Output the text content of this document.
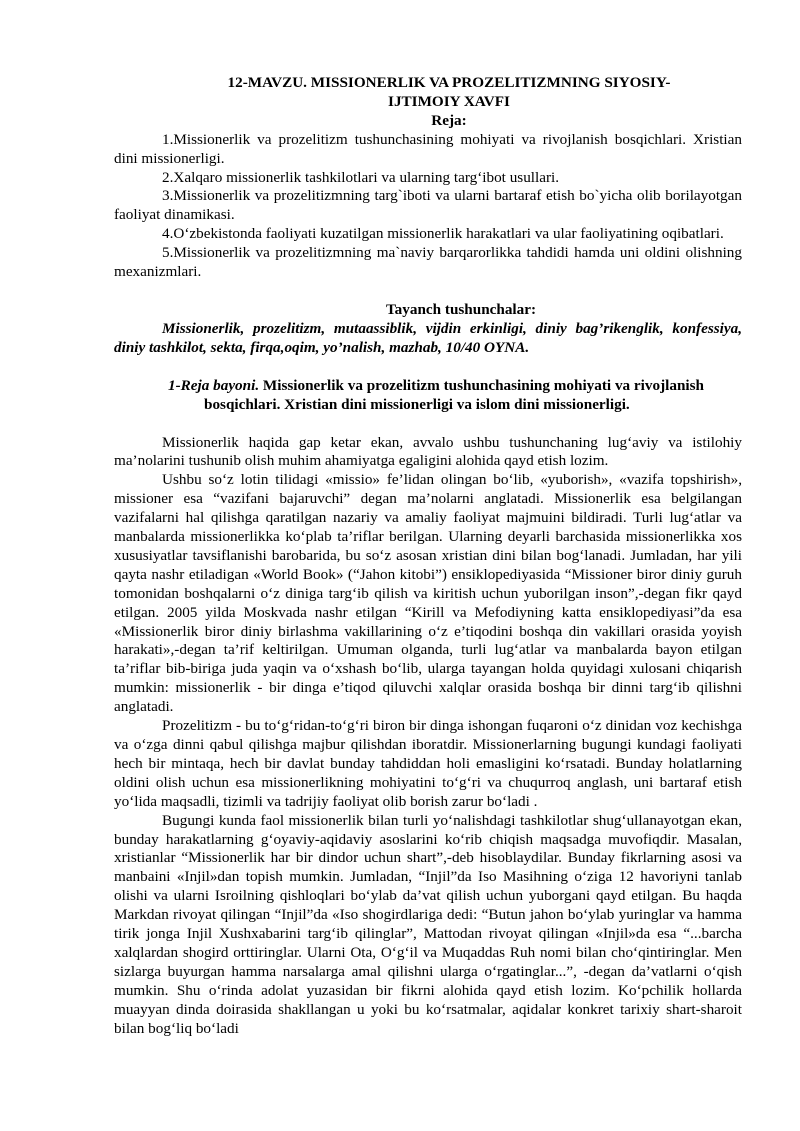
12-MAVZU. MISSIONERLIK VA PROZELITIZMNING SIYOSIY-
IJTIMOIY XAVFI

Reja:

1.Missionerlik va prozelitizm tushunchasining mohiyati va rivojlanish bosqichlari. Xristian dini missionerligi.

2.Xalqaro missionerlik tashkilotlari va ularning targ‘ibot usullari.

3.Missionerlik va prozelitizmning targ`iboti va ularni bartaraf etish bo`yicha olib borilayotgan faoliyat dinamikasi.

4.O‘zbekistonda faoliyati kuzatilgan missionerlik harakatlari va ular faoliyatining oqibatlari.

5.Missionerlik va prozelitizmning ma`naviy barqarorlikka tahdidi hamda uni oldini olishning mexanizmlari.

Tayanch tushunchalar:

Missionerlik, prozelitizm, mutaassiblik, vijdin erkinligi, diniy bag’rikenglik, konfessiya, diniy tashkilot, sekta, firqa,oqim, yo’nalish, mazhab, 10/40 OYNA.

1-Reja bayoni. Missionerlik va prozelitizm tushunchasining mohiyati va rivojlanish bosqichlari. Xristian dini missionerligi va islom dini missionerligi.

Missionerlik haqida gap ketar ekan, avvalo ushbu tushunchaning lug‘aviy va istilohiy ma’nolarini tushunib olish muhim ahamiyatga egaligini alohida qayd etish lozim.

Ushbu so‘z lotin tilidagi «missio» fe’lidan olingan bo‘lib, «yuborish», «vazifa topshirish», missioner esa “vazifani bajaruvchi” degan ma’nolarni anglatadi. Missionerlik esa belgilangan vazifalarni hal qilishga qaratilgan nazariy va amaliy faoliyat majmuini bildiradi. Turli lug‘atlar va manbalarda missionerlikka ko‘plab ta’riflar berilgan. Ularning deyarli barchasida missionerlikka xos xususiyatlar tavsiflanishi barobarida, bu so‘z asosan xristian dini bilan bog‘lanadi. Jumladan, har yili qayta nashr etiladigan «World Book» (“Jahon kitobi”) ensiklopediyasida “Missioner biror diniy guruh tomonidan boshqalarni o‘z diniga targ‘ib qilish va kiritish uchun yuborilgan inson”,-degan fikr qayd etilgan. 2005 yilda Moskvada nashr etilgan “Kirill va Mefodiyning katta ensiklopediyasi”da esa «Missionerlik biror diniy birlashma vakillarining o‘z e’tiqodini boshqa din vakillari orasida yoyish harakati»,-degan ta’rif keltirilgan. Umuman olganda, turli lug‘atlar va manbalarda bayon etilgan ta’riflar bib-biriga juda yaqin va o‘xshash bo‘lib, ularga tayangan holda quyidagi xulosani chiqarish mumkin: missionerlik - bir dinga e’tiqod qiluvchi xalqlar orasida boshqa bir dinni targ‘ib qilishni anglatadi.

Prozelitizm - bu to‘g‘ridan-to‘g‘ri biron bir dinga ishongan fuqaroni o‘z dinidan voz kechishga va o‘zga dinni qabul qilishga majbur qilishdan iboratdir. Missionerlarning bugungi kundagi faoliyati hech bir mintaqa, hech bir davlat bunday tahdiddan holi emasligini ko‘rsatadi. Bunday holatlarning oldini olish uchun esa missionerlikning mohiyatini to‘g‘ri va chuqurroq anglash, uni bartaraf etish yo‘lida maqsadli, tizimli va tadrijiy faoliyat olib borish zarur bo‘ladi .

Bugungi kunda faol missionerlik bilan turli yo‘nalishdagi tashkilotlar shug‘ullanayotgan ekan, bunday harakatlarning g‘oyaviy-aqidaviy asoslarini ko‘rib chiqish maqsadga muvofiqdir. Masalan, xristianlar “Missionerlik har bir dindor uchun shart”,-deb hisoblaydilar. Bunday fikrlarning asosi va manbaini «Injil»dan topish mumkin. Jumladan, “Injil”da Iso Masihning o‘ziga 12 havoriyni tanlab olishi va ularni Isroilning qishloqlari bo‘ylab da’vat qilish uchun yuborgani qayd etilgan. Bu haqda Markdan rivoyat qilingan “Injil”da «Iso shogirdlariga dedi: “Butun jahon bo‘ylab yuringlar va hamma tirik jonga Injil Xushxabarini targ‘ib qilinglar”, Mattodan rivoyat qilingan «Injil»da esa “...barcha xalqlardan shogird orttiringlar. Ularni Ota, O‘g‘il va Muqaddas Ruh nomi bilan cho‘qintiringlar. Men sizlarga buyurgan hamma narsalarga amal qilishni ularga o‘rgatinglar...”, -degan da’vatlarni o‘qish mumkin. Shu o‘rinda adolat yuzasidan bir fikrni alohida qayd etish lozim. Ko‘pchilik hollarda muayyan dinda doirasida shakllangan u yoki bu ko‘rsatmalar, aqidalar konkret tarixiy shart-sharoit bilan bog‘liq bo‘ladi
